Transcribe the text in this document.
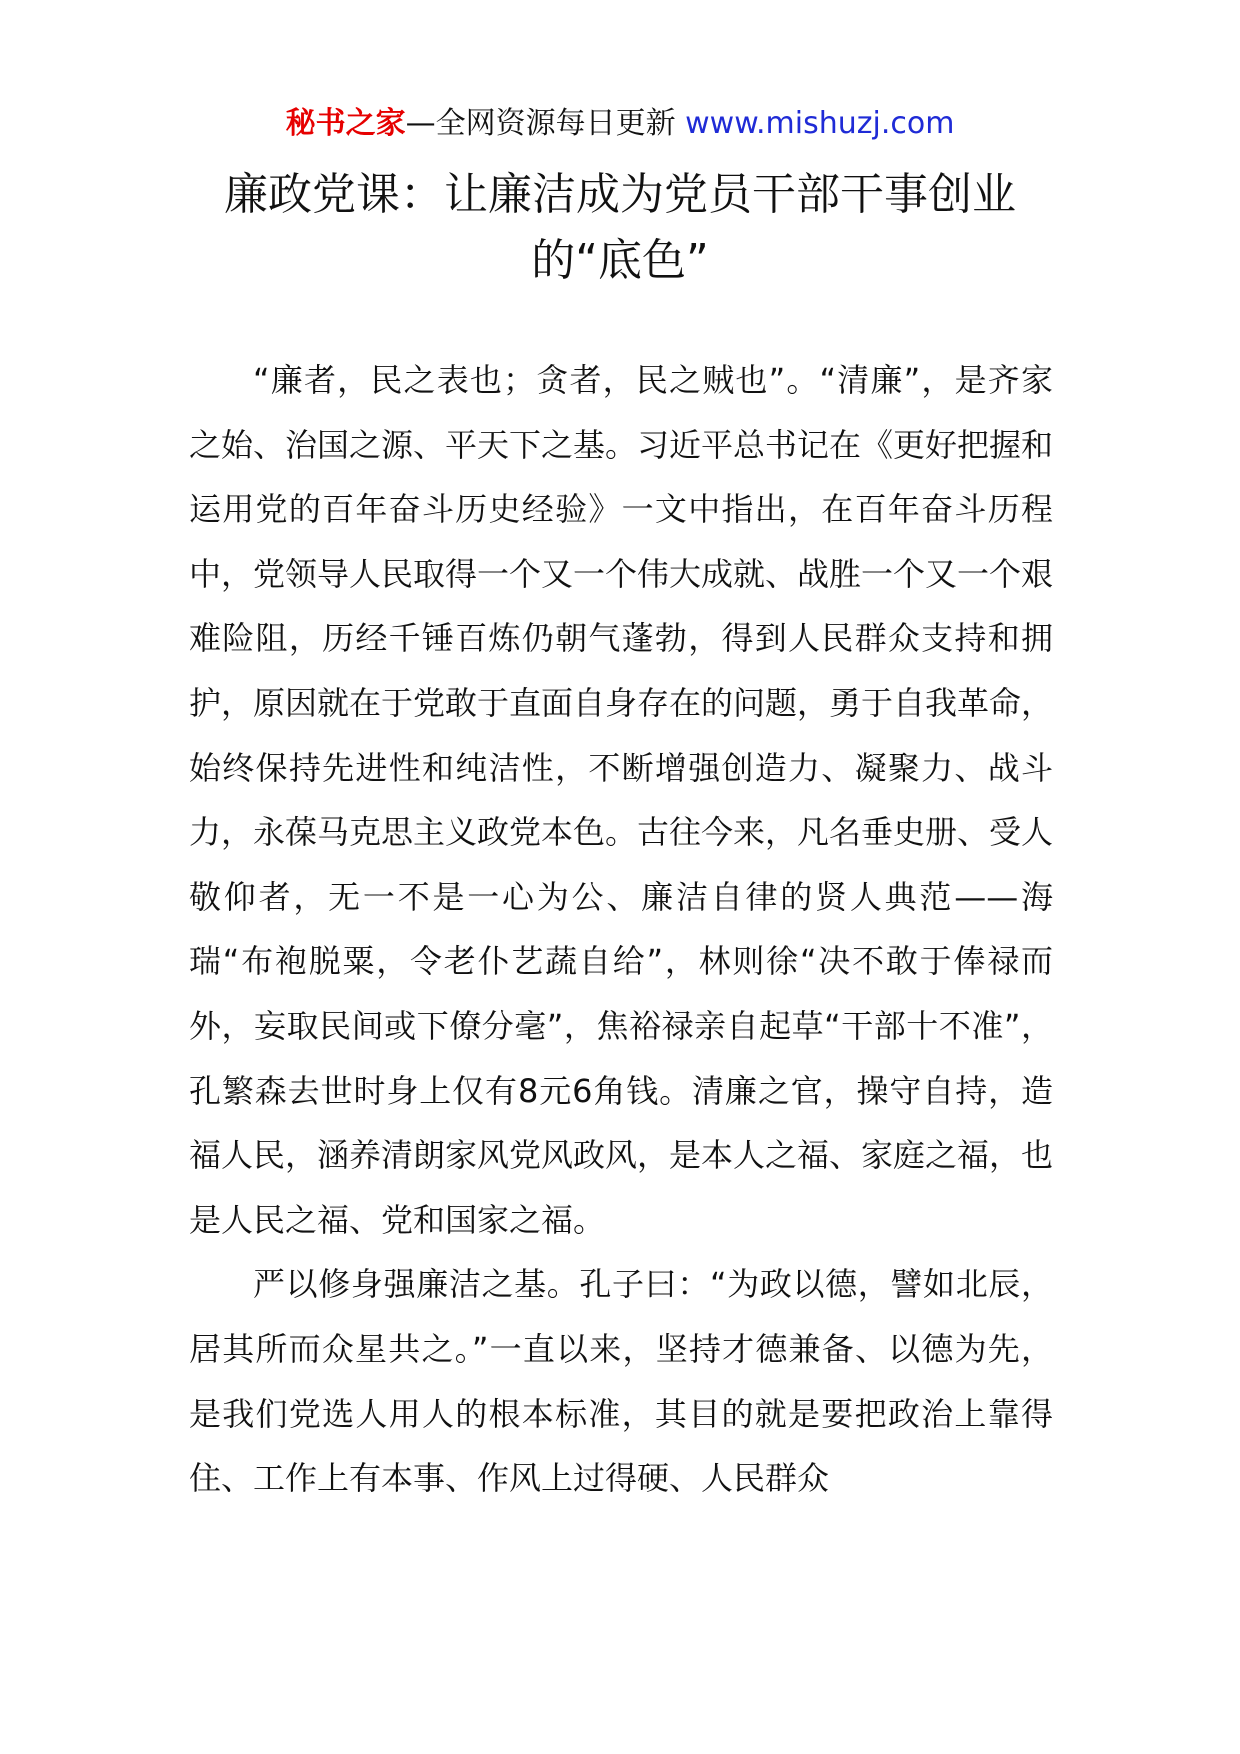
秘书之家—全网资源每日更新 www.mishuzj.com
廉政党课：让廉洁成为党员干部干事创业
的“底色”

“廉者，民之表也；贪者，民之贼也”。“清廉”，是齐家之始、治国之源、平天下之基。习近平总书记在《更好把握和运用党的百年奋斗历史经验》一文中指出，在百年奋斗历程中，党领导人民取得一个又一个伟大成就、战胜一个又一个艰难险阻，历经千锤百炼仍朝气蓬勃，得到人民群众支持和拥护，原因就在于党敢于直面自身存在的问题，勇于自我革命，始终保持先进性和纯洁性，不断增强创造力、凝聚力、战斗力，永葆马克思主义政党本色。古往今来，凡名垂史册、受人敬仰者，无一不是一心为公、廉洁自律的贤人典范——海瑞“布袍脱粟，令老仆艺蔬自给”，林则徐“决不敢于俸禄而外，妄取民间或下僚分毫”，焦裕禄亲自起草“干部十不准”，孔繁森去世时身上仅有8元6角钱。清廉之官，操守自持，造福人民，涵养清朗家风党风政风，是本人之福、家庭之福，也是人民之福、党和国家之福。

严以修身强廉洁之基。孔子曰：“为政以德，譬如北辰，居其所而众星共之。”一直以来，坚持才德兼备、以德为先，是我们党选人用人的根本标准，其目的就是要把政治上靠得住、工作上有本事、作风上过得硬、人民群众
